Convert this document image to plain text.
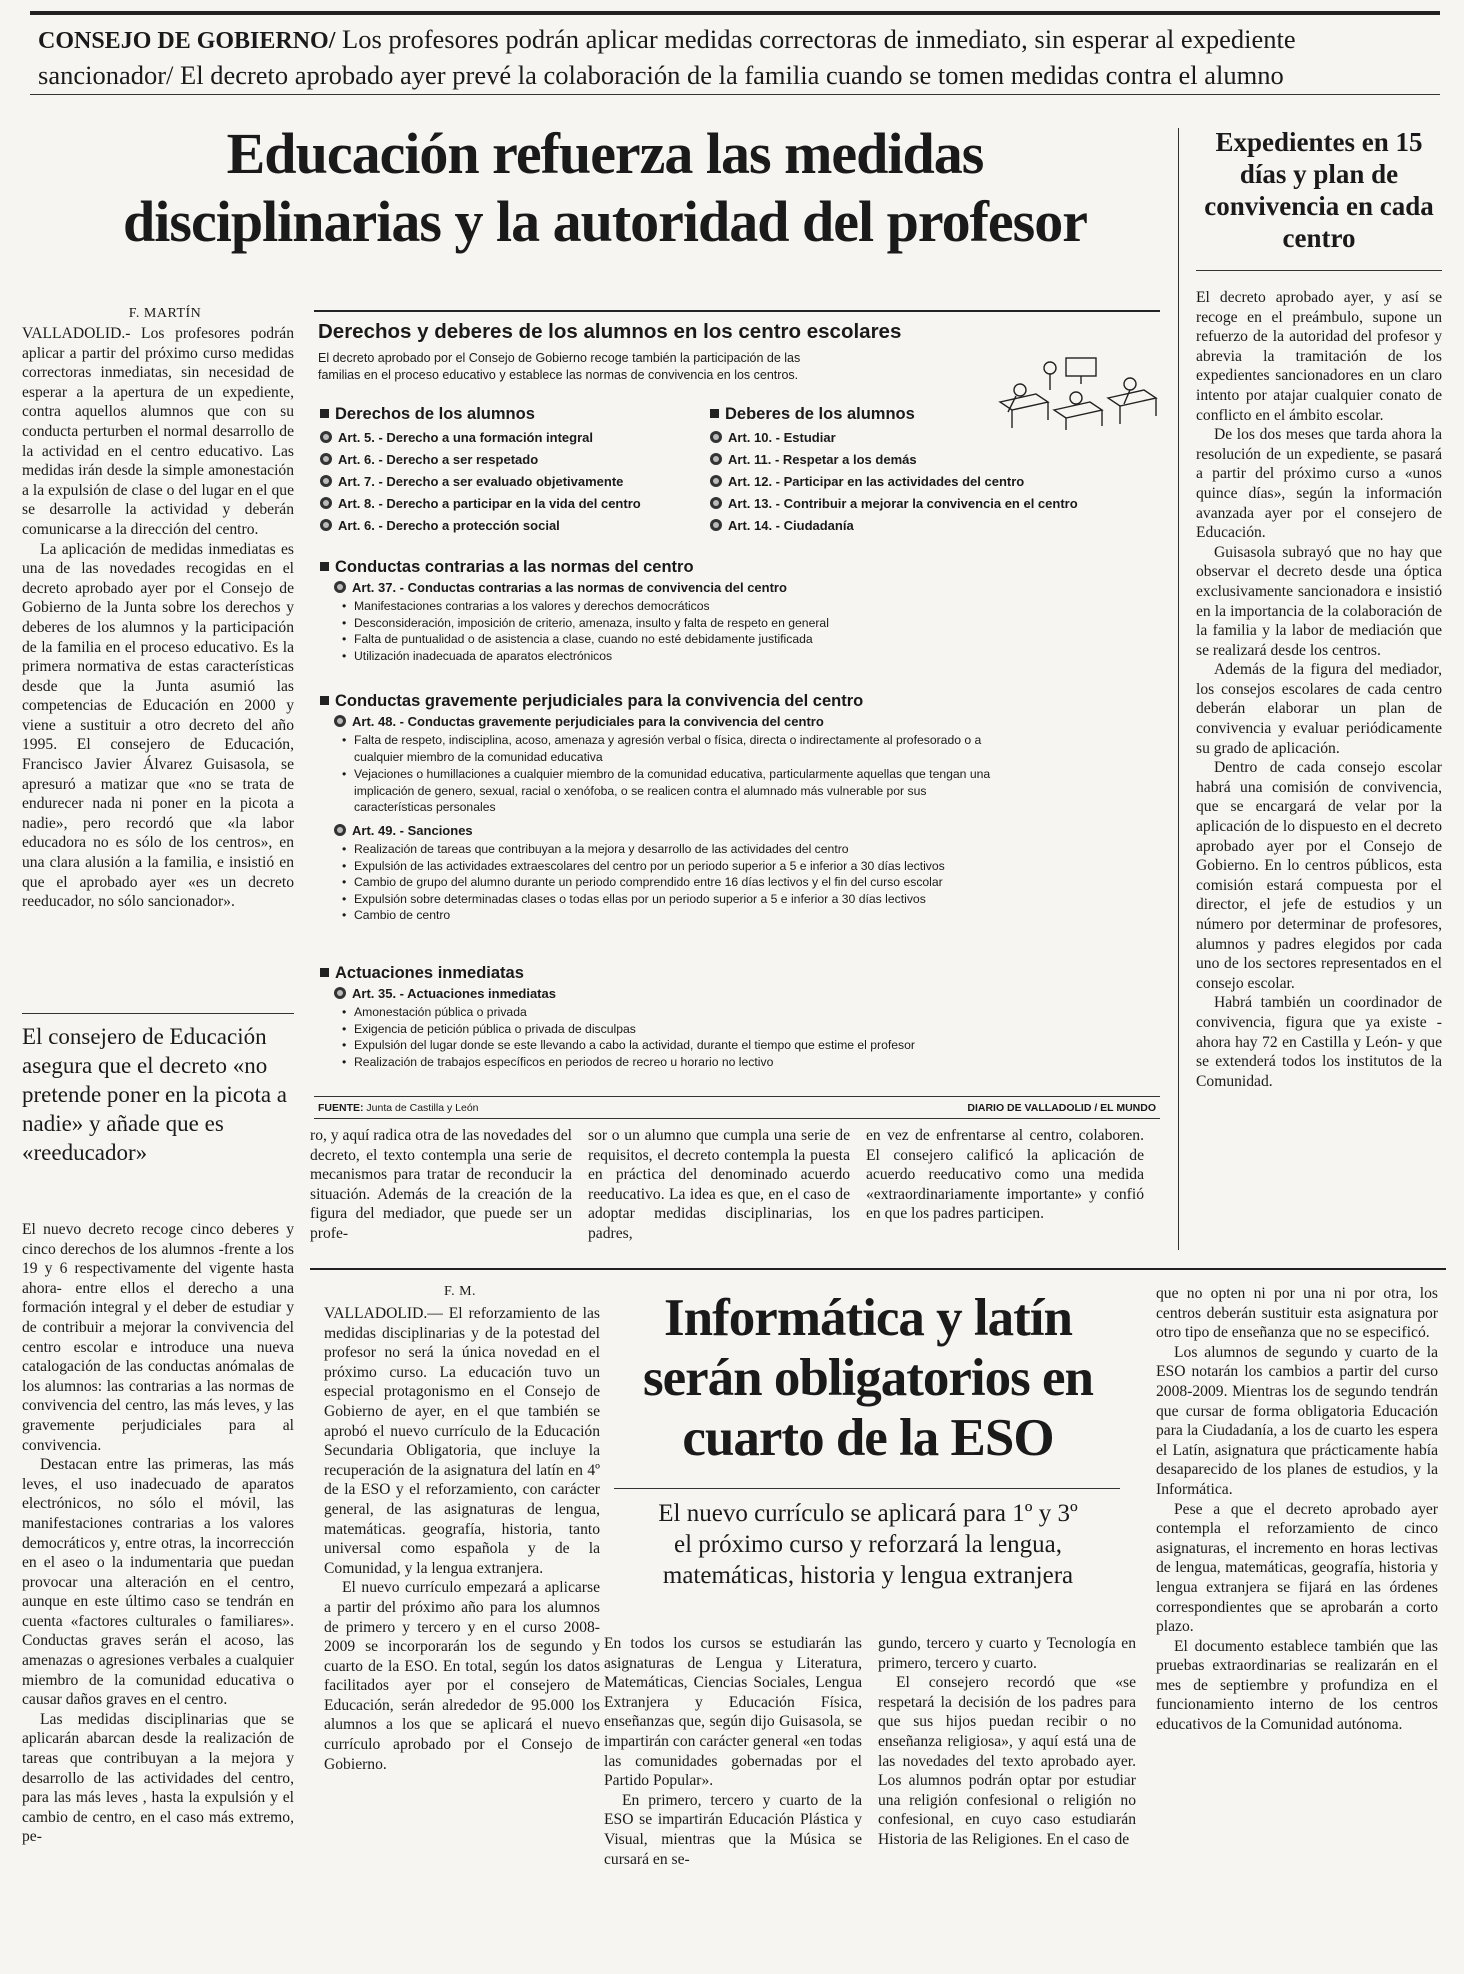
CONSEJO DE GOBIERNO/ Los profesores podrán aplicar medidas correctoras de inmediato, sin esperar al expediente
sancionador/ El decreto aprobado ayer prevé la colaboración de la familia cuando se tomen medidas contra el alumno
Educación refuerza las medidas
disciplinarias y la autoridad del profesor
F. MARTÍN

VALLADOLID.- Los profesores podrán aplicar a partir del próximo curso medidas correctoras inmediatas, sin necesidad de esperar a la apertura de un expediente, contra aquellos alumnos que con su conducta perturben el normal desarrollo de la actividad en el centro educativo. Las medidas irán desde la simple amonestación a la expulsión de clase o del lugar en el que se desarrolle la actividad y deberán comunicarse a la dirección del centro.

La aplicación de medidas inmediatas es una de las novedades recogidas en el decreto aprobado ayer por el Consejo de Gobierno de la Junta sobre los derechos y deberes de los alumnos y la participación de la familia en el proceso educativo. Es la primera normativa de estas características desde que la Junta asumió las competencias de Educación en 2000 y viene a sustituir a otro decreto del año 1995. El consejero de Educación, Francisco Javier Álvarez Guisasola, se apresuró a matizar que «no se trata de endurecer nada ni poner en la picota a nadie», pero recordó que «la labor educadora no es sólo de los centros», en una clara alusión a la familia, e insistió en que el aprobado ayer «es un decreto reeducador, no sólo sancionador».

El consejero de Educación asegura que el decreto «no pretende poner en la picota a nadie» y añade que es «reeducador»

El nuevo decreto recoge cinco deberes y cinco derechos de los alumnos -frente a los 19 y 6 respectivamente del vigente hasta ahora- entre ellos el derecho a una formación integral y el deber de estudiar y de contribuir a mejorar la convivencia del centro escolar e introduce una nueva catalogación de las conductas anómalas de los alumnos: las contrarias a las normas de convivencia del centro, las más leves, y las gravemente perjudiciales para al convivencia.

Destacan entre las primeras, las más leves, el uso inadecuado de aparatos electrónicos, no sólo el móvil, las manifestaciones contrarias a los valores democráticos y, entre otras, la incorrección en el aseo o la indumentaria que puedan provocar una alteración en el centro, aunque en este último caso se tendrán en cuenta «factores culturales o familiares». Conductas graves serán el acoso, las amenazas o agresiones verbales a cualquier miembro de la comunidad educativa o causar daños graves en el centro.

Las medidas disciplinarias que se aplicarán abarcan desde la realización de tareas que contribuyan a la mejora y desarrollo de las actividades del centro, para las más leves , hasta la expulsión y el cambio de centro, en el caso más extremo, pe-

Derechos y deberes de los alumnos en los centro escolares
El decreto aprobado por el Consejo de Gobierno recoge también la participación de las
familias en el proceso educativo y establece las normas de convivencia en los centros.
Derechos de los alumnos
Art. 5. - Derecho a una formación integral
Art. 6. - Derecho a ser respetado
Art. 7. - Derecho a ser evaluado objetivamente
Art. 8. - Derecho a participar en la vida del centro
Art. 6. - Derecho a protección social
Deberes de los alumnos
Art. 10. - Estudiar
Art. 11. - Respetar a los demás
Art. 12. - Participar en las actividades del centro
Art. 13. - Contribuir a mejorar la convivencia en el centro
Art. 14. - Ciudadanía
Conductas contrarias a las normas del centro
Art. 37. - Conductas contrarias a las normas de convivencia del centro
• Manifestaciones contrarias a los valores y derechos democráticos
• Desconsideración, imposición de criterio, amenaza, insulto y falta de respeto en general
• Falta de puntualidad o de asistencia a clase, cuando no esté debidamente justificada
• Utilización inadecuada de aparatos electrónicos
Conductas gravemente perjudiciales para la convivencia del centro
Art. 48. - Conductas gravemente perjudiciales para la convivencia del centro
• Falta de respeto, indisciplina, acoso, amenaza y agresión verbal o física, directa o indirectamente al profesorado o a
cualquier miembro de la comunidad educativa
• Vejaciones o humillaciones a cualquier miembro de la comunidad educativa, particularmente aquellas que tengan una
implicación de genero, sexual, racial o xenófoba, o se realicen contra el alumnado más vulnerable por sus
características personales
Art. 49. - Sanciones
• Realización de tareas que contribuyan a la mejora y desarrollo de las actividades del centro
• Expulsión de las actividades extraescolares del centro por un periodo superior a 5 e inferior a 30 días lectivos
• Cambio de grupo del alumno durante un periodo comprendido entre 16 días lectivos y el fin del curso escolar
• Expulsión sobre determinadas clases o todas ellas por un periodo superior a 5 e inferior a 30 días lectivos
• Cambio de centro
Actuaciones inmediatas
Art. 35. - Actuaciones inmediatas
• Amonestación pública o privada
• Exigencia de petición pública o privada de disculpas
• Expulsión del lugar donde se este llevando a cabo la actividad, durante el tiempo que estime el profesor
• Realización de trabajos específicos en periodos de recreo u horario no lectivo
FUENTE: Junta de Castilla y León	DIARIO DE VALLADOLID / EL MUNDO
ro, y aquí radica otra de las novedades del decreto, el texto contempla una serie de mecanismos para tratar de reconducir la situación. Además de la creación de la figura del mediador, que puede ser un profe-
sor o un alumno que cumpla una serie de requisitos, el decreto contempla la puesta en práctica del denominado acuerdo reeducativo. La idea es que, en el caso de adoptar medidas disciplinarias, los padres,
en vez de enfrentarse al centro, colaboren. El consejero calificó la aplicación de acuerdo reeducativo como una medida «extraordinariamente importante» y confió en que los padres participen.
Expedientes en 15 días y plan de convivencia en cada centro

El decreto aprobado ayer, y así se recoge en el preámbulo, supone un refuerzo de la autoridad del profesor y abrevia la tramitación de los expedientes sancionadores en un claro intento por atajar cualquier conato de conflicto en el ámbito escolar.

De los dos meses que tarda ahora la resolución de un expediente, se pasará a partir del próximo curso a «unos quince días», según la información avanzada ayer por el consejero de Educación.

Guisasola subrayó que no hay que observar el decreto desde una óptica exclusivamente sancionadora e insistió en la importancia de la colaboración de la familia y la labor de mediación que se realizará desde los centros.

Además de la figura del mediador, los consejos escolares de cada centro deberán elaborar un plan de convivencia y evaluar periódicamente su grado de aplicación.

Dentro de cada consejo escolar habrá una comisión de convivencia, que se encargará de velar por la aplicación de lo dispuesto en el decreto aprobado ayer por el Consejo de Gobierno. En lo centros públicos, esta comisión estará compuesta por el director, el jefe de estudios y un número por determinar de profesores, alumnos y padres elegidos por cada uno de los sectores representados en el consejo escolar.

Habrá también un coordinador de convivencia, figura que ya existe -ahora hay 72 en Castilla y León- y que se extenderá todos los institutos de la Comunidad.

F. M.

VALLADOLID.— El reforzamiento de las medidas disciplinarias y de la potestad del profesor no será la única novedad en el próximo curso. La educación tuvo un especial protagonismo en el Consejo de Gobierno de ayer, en el que también se aprobó el nuevo currículo de la Educación Secundaria Obligatoria, que incluye la recuperación de la asignatura del latín en 4º de la ESO y el reforzamiento, con carácter general, de las asignaturas de lengua, matemáticas. geografía, historia, tanto universal como española y de la Comunidad, y la lengua extranjera.

El nuevo currículo empezará a aplicarse a partir del próximo año para los alumnos de primero y tercero y en el curso 2008-2009 se incorporarán los de segundo y cuarto de la ESO. En total, según los datos facilitados ayer por el consejero de Educación, serán alrededor de 95.000 los alumnos a los que se aplicará el nuevo currículo aprobado por el Consejo de Gobierno.

Informática y latín
serán obligatorios en
cuarto de la ESO
El nuevo currículo se aplicará para 1º y 3º
el próximo curso y reforzará la lengua,
matemáticas, historia y lengua extranjera

En todos los cursos se estudiarán las asignaturas de Lengua y Literatura, Matemáticas, Ciencias Sociales, Lengua Extranjera y Educación Física, enseñanzas que, según dijo Guisasola, se impartirán con carácter general «en todas las comunidades gobernadas por el Partido Popular».

En primero, tercero y cuarto de la ESO se impartirán Educación Plástica y Visual, mientras que la Música se cursará en se-

gundo, tercero y cuarto y Tecnología en primero, tercero y cuarto.

El consejero recordó que «se respetará la decisión de los padres para que sus hijos puedan recibir o no enseñanza religiosa», y aquí está una de las novedades del texto aprobado ayer. Los alumnos podrán optar por estudiar una religión confesional o religión no confesional, en cuyo caso estudiarán Historia de las Religiones. En el caso de

que no opten ni por una ni por otra, los centros deberán sustituir esta asignatura por otro tipo de enseñanza que no se especificó.

Los alumnos de segundo y cuarto de la ESO notarán los cambios a partir del curso 2008-2009. Mientras los de segundo tendrán que cursar de forma obligatoria Educación para la Ciudadanía, a los de cuarto les espera el Latín, asignatura que prácticamente había desaparecido de los planes de estudios, y la Informática.

Pese a que el decreto aprobado ayer contempla el reforzamiento de cinco asignaturas, el incremento en horas lectivas de lengua, matemáticas, geografía, historia y lengua extranjera se fijará en las órdenes correspondientes que se aprobarán a corto plazo.

El documento establece también que las pruebas extraordinarias se realizarán en el mes de septiembre y profundiza en el funcionamiento interno de los centros educativos de la Comunidad autónoma.
